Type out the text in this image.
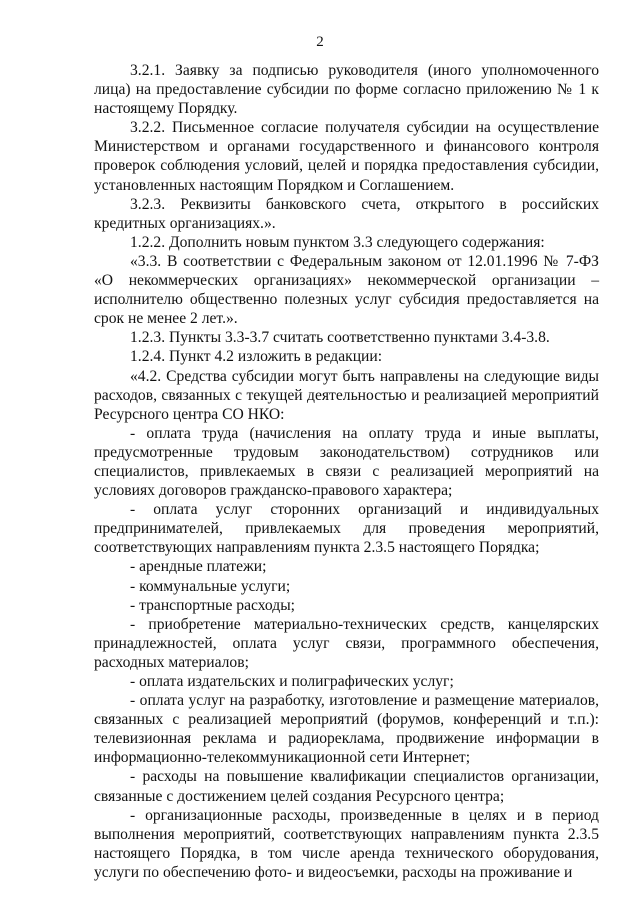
2

3.2.1. Заявку за подписью руководителя (иного уполномоченного лица) на предоставление субсидии по форме согласно приложению № 1 к настоящему Порядку.

3.2.2. Письменное согласие получателя субсидии на осуществление Министерством и органами государственного и финансового контроля проверок соблюдения условий, целей и порядка предоставления субсидии, установленных настоящим Порядком и Соглашением.

3.2.3. Реквизиты банковского счета, открытого в российских кредитных организациях.».

1.2.2. Дополнить новым пунктом 3.3 следующего содержания:

«3.3. В соответствии с Федеральным законом от 12.01.1996 № 7-ФЗ «О некоммерческих организациях» некоммерческой организации – исполнителю общественно полезных услуг субсидия предоставляется на срок не менее 2 лет.».

1.2.3. Пункты 3.3-3.7 считать соответственно пунктами 3.4-3.8.

1.2.4. Пункт 4.2 изложить в редакции:

«4.2. Средства субсидии могут быть направлены на следующие виды расходов, связанных с текущей деятельностью и реализацией мероприятий Ресурсного центра СО НКО:

- оплата труда (начисления на оплату труда и иные выплаты, предусмотренные трудовым законодательством) сотрудников или специалистов, привлекаемых в связи с реализацией мероприятий на условиях договоров гражданско-правового характера;

- оплата услуг сторонних организаций и индивидуальных предпринимателей, привлекаемых для проведения мероприятий, соответствующих направлениям пункта 2.3.5 настоящего Порядка;

- арендные платежи;

- коммунальные услуги;

- транспортные расходы;

- приобретение материально-технических средств, канцелярских принадлежностей, оплата услуг связи, программного обеспечения, расходных материалов;

- оплата издательских и полиграфических услуг;

- оплата услуг на разработку, изготовление и размещение материалов, связанных с реализацией мероприятий (форумов, конференций и т.п.): телевизионная реклама и радиореклама, продвижение информации в информационно-телекоммуникационной сети Интернет;

- расходы на повышение квалификации специалистов организации, связанные с достижением целей создания Ресурсного центра;

- организационные расходы, произведенные в целях и в период выполнения мероприятий, соответствующих направлениям пункта 2.3.5 настоящего Порядка, в том числе аренда технического оборудования, услуги по обеспечению фото- и видеосъемки, расходы на проживание и
